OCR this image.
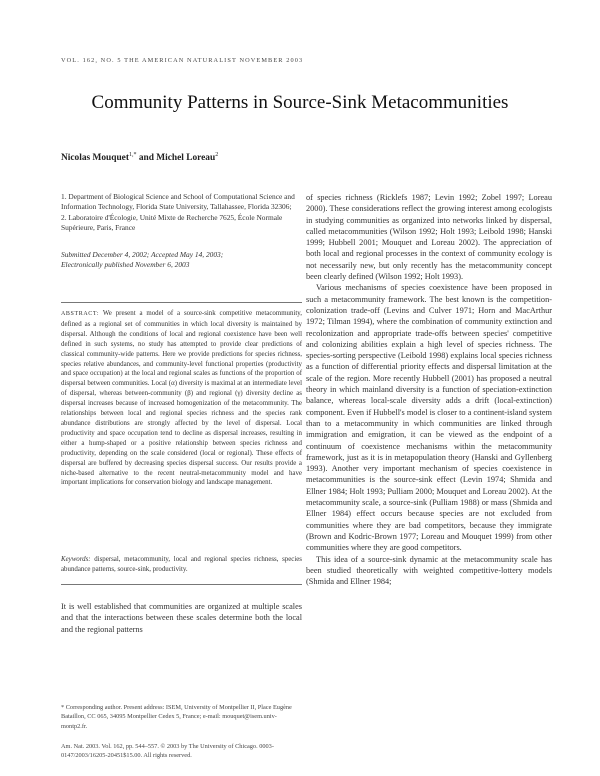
VOL. 162, NO. 5 THE AMERICAN NATURALIST NOVEMBER 2003
Community Patterns in Source-Sink Metacommunities
Nicolas Mouquet$^{1,*}$ and Michel Loreau$^2$

1. Department of Biological Science and School of Computational Science and Information Technology, Florida State University, Tallahassee, Florida 32306;

2. Laboratoire d'Écologie, Unité Mixte de Recherche 7625, École Normale Supérieure, Paris, France

Submitted December 4, 2002; Accepted May 14, 2003;
Electronically published November 6, 2003
ABSTRACT: We present a model of a source-sink competitive metacommunity, defined as a regional set of communities in which local diversity is maintained by dispersal. Although the conditions of local and regional coexistence have been well defined in such systems, no study has attempted to provide clear predictions of classical community-wide patterns. Here we provide predictions for species richness, species relative abundances, and community-level functional properties (productivity and space occupation) at the local and regional scales as functions of the proportion of dispersal between communities. Local (α) diversity is maximal at an intermediate level of dispersal, whereas between-community (β) and regional (γ) diversity decline as dispersal increases because of increased homogenization of the metacommunity. The relationships between local and regional species richness and the species rank abundance distributions are strongly affected by the level of dispersal. Local productivity and space occupation tend to decline as dispersal increases, resulting in either a hump-shaped or a positive relationship between species richness and productivity, depending on the scale considered (local or regional). These effects of dispersal are buffered by decreasing species dispersal success. Our results provide a niche-based alternative to the recent neutral-metacommunity model and have important implications for conservation biology and landscape management.
Keywords: dispersal, metacommunity, local and regional species richness, species abundance patterns, source-sink, productivity.
It is well established that communities are organized at multiple scales and that the interactions between these scales determine both the local and the regional patterns
* Corresponding author. Present address: ISEM, University of Montpellier II, Place Eugène Bataillon, CC 065, 34095 Montpellier Cedex 5, France; e-mail: mouquet@isem.univ-montp2.fr.
Am. Nat. 2003. Vol. 162, pp. 544–557. © 2003 by The University of Chicago. 0003-0147/2003/16205-20451$15.00. All rights reserved.

of species richness (Ricklefs 1987; Levin 1992; Zobel 1997; Loreau 2000). These considerations reflect the growing interest among ecologists in studying communities as organized into networks linked by dispersal, called metacommunities (Wilson 1992; Holt 1993; Leibold 1998; Hanski 1999; Hubbell 2001; Mouquet and Loreau 2002). The appreciation of both local and regional processes in the context of community ecology is not necessarily new, but only recently has the metacommunity concept been clearly defined (Wilson 1992; Holt 1993).

Various mechanisms of species coexistence have been proposed in such a metacommunity framework. The best known is the competition-colonization trade-off (Levins and Culver 1971; Horn and MacArthur 1972; Tilman 1994), where the combination of community extinction and recolonization and appropriate trade-offs between species' competitive and colonizing abilities explain a high level of species richness. The species-sorting perspective (Leibold 1998) explains local species richness as a function of differential priority effects and dispersal limitation at the scale of the region. More recently Hubbell (2001) has proposed a neutral theory in which mainland diversity is a function of speciation-extinction balance, whereas local-scale diversity adds a drift (local-extinction) component. Even if Hubbell's model is closer to a continent-island system than to a metacommunity in which communities are linked through immigration and emigration, it can be viewed as the endpoint of a continuum of coexistence mechanisms within the metacommunity framework, just as it is in metapopulation theory (Hanski and Gyllenberg 1993). Another very important mechanism of species coexistence in metacommunities is the source-sink effect (Levin 1974; Shmida and Ellner 1984; Holt 1993; Pulliam 2000; Mouquet and Loreau 2002). At the metacommunity scale, a source-sink (Pulliam 1988) or mass (Shmida and Ellner 1984) effect occurs because species are not excluded from communities where they are bad competitors, because they immigrate (Brown and Kodric-Brown 1977; Loreau and Mouquet 1999) from other communities where they are good competitors.

This idea of a source-sink dynamic at the metacommunity scale has been studied theoretically with weighted competitive-lottery models (Shmida and Ellner 1984;
